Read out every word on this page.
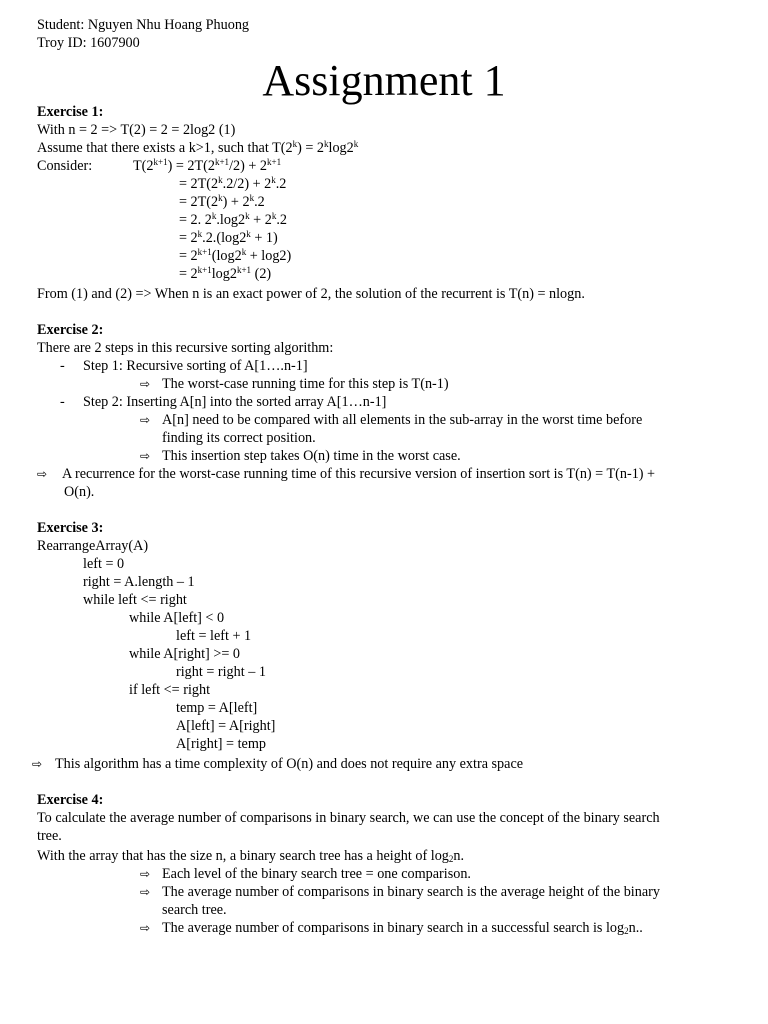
Student: Nguyen Nhu Hoang Phuong
Troy ID: 1607900
Assignment 1
Exercise 1:
With n = 2 => T(2) = 2 = 2log2 (1)
Assume that there exists a k>1, such that $T(2^k) = 2^k\log 2^k$
Consider:	$T(2^{k+1}) = 2T(2^{k+1}/2) + 2^{k+1}$
= $2T(2^k.2/2) + 2^k.2$
= $2T(2^k) + 2^k.2$
= 2. $2^k.\log 2^k + 2^k.2$
= $2^k.2.(\log 2^k + 1)$
= $2^{k+1}(\log 2^k + \log 2)$
= $2^{k+1}\log 2^{k+1}$ (2)
From (1) and (2) => When n is an exact power of 2, the solution of the recurrent is T(n) = nlogn.
Exercise 2:
There are 2 steps in this recursive sorting algorithm:
- Step 1: Recursive sorting of A[1….n-1]
⇨ The worst-case running time for this step is T(n-1)
- Step 2: Inserting A[n] into the sorted array A[1…n-1]
⇨ A[n] need to be compared with all elements in the sub-array in the worst time before
finding its correct position.
⇨ This insertion step takes O(n) time in the worst case.
⇨ A recurrence for the worst-case running time of this recursive version of insertion sort is T(n) = T(n-1) +
O(n).
Exercise 3:
RearrangeArray(A)
left = 0
right = A.length – 1
while left <= right
while A[left] < 0
left = left + 1
while A[right] >= 0
right = right – 1
if left <= right
temp = A[left]
A[left] = A[right]
A[right] = temp
⇨ This algorithm has a time complexity of O(n) and does not require any extra space
Exercise 4:
To calculate the average number of comparisons in binary search, we can use the concept of the binary search
tree.
With the array that has the size n, a binary search tree has a height of $\log_2n$.
⇨ Each level of the binary search tree = one comparison.
⇨ The average number of comparisons in binary search is the average height of the binary
search tree.
⇨ The average number of comparisons in binary search in a successful search is $\log_2n$..
